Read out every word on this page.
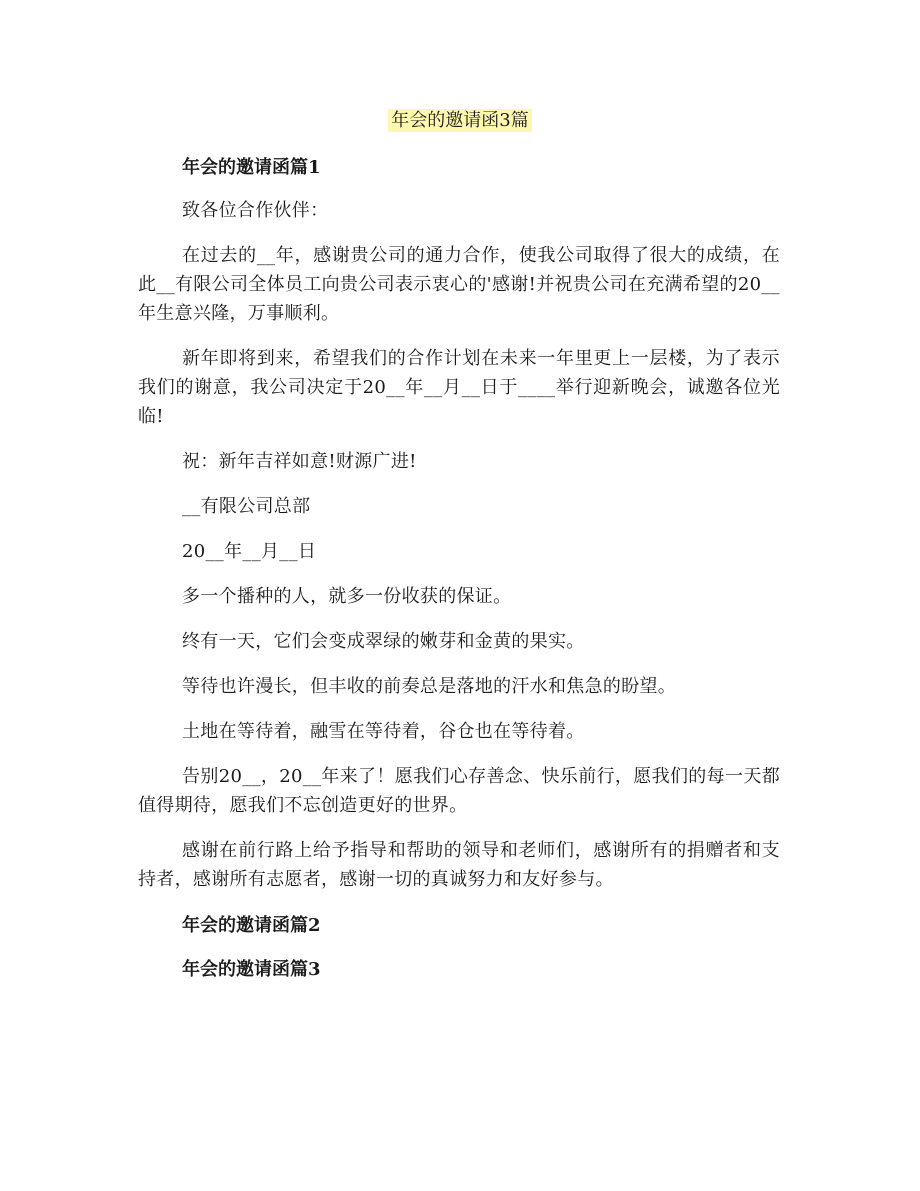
年会的邀请函3篇
年会的邀请函篇1

致各位合作伙伴：

在过去的__年，感谢贵公司的通力合作，使我公司取得了很大的成绩，在此__有限公司全体员工向贵公司表示衷心的'感谢!并祝贵公司在充满希望的20__年生意兴隆，万事顺利。

新年即将到来，希望我们的合作计划在未来一年里更上一层楼，为了表示我们的谢意，我公司决定于20__年__月__日于____举行迎新晚会，诚邀各位光临!

祝：新年吉祥如意!财源广进!

__有限公司总部

20__年__月__日

多一个播种的人，就多一份收获的保证。

终有一天，它们会变成翠绿的嫩芽和金黄的果实。

等待也许漫长，但丰收的前奏总是落地的汗水和焦急的盼望。

土地在等待着，融雪在等待着，谷仓也在等待着。

告别20__，20__年来了！愿我们心存善念、快乐前行，愿我们的每一天都值得期待，愿我们不忘创造更好的世界。

感谢在前行路上给予指导和帮助的领导和老师们，感谢所有的捐赠者和支持者，感谢所有志愿者，感谢一切的真诚努力和友好参与。

年会的邀请函篇2
年会的邀请函篇3
